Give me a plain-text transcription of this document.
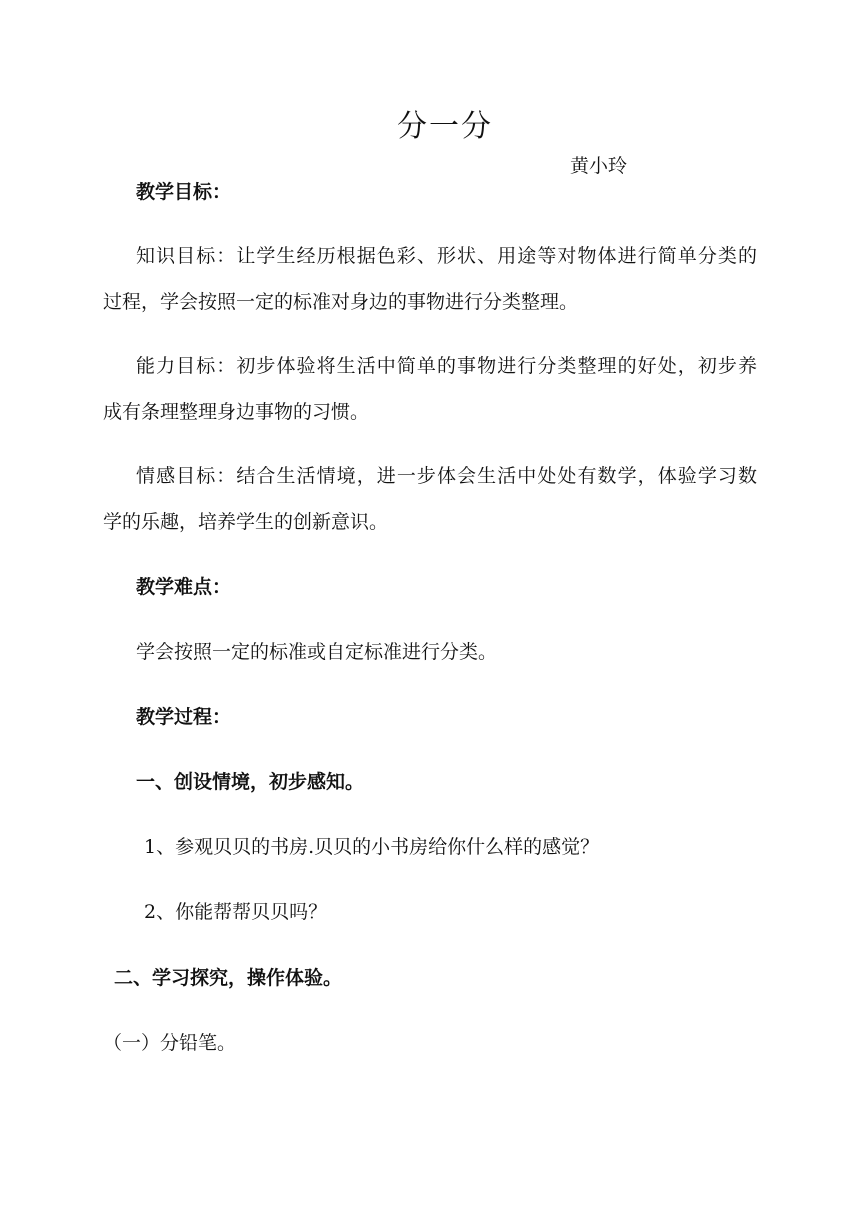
分一分
黄小玲
教学目标：
知识目标：让学生经历根据色彩、形状、用途等对物体进行简单分类的
过程，学会按照一定的标准对身边的事物进行分类整理。
能力目标：初步体验将生活中简单的事物进行分类整理的好处，初步养
成有条理整理身边事物的习惯。
情感目标：结合生活情境，进一步体会生活中处处有数学，体验学习数
学的乐趣，培养学生的创新意识。
教学难点：
学会按照一定的标准或自定标准进行分类。
教学过程：
一、创设情境，初步感知。
1、参观贝贝的书房.贝贝的小书房给你什么样的感觉？
2、你能帮帮贝贝吗？
二、学习探究，操作体验。
（一）分铅笔。
